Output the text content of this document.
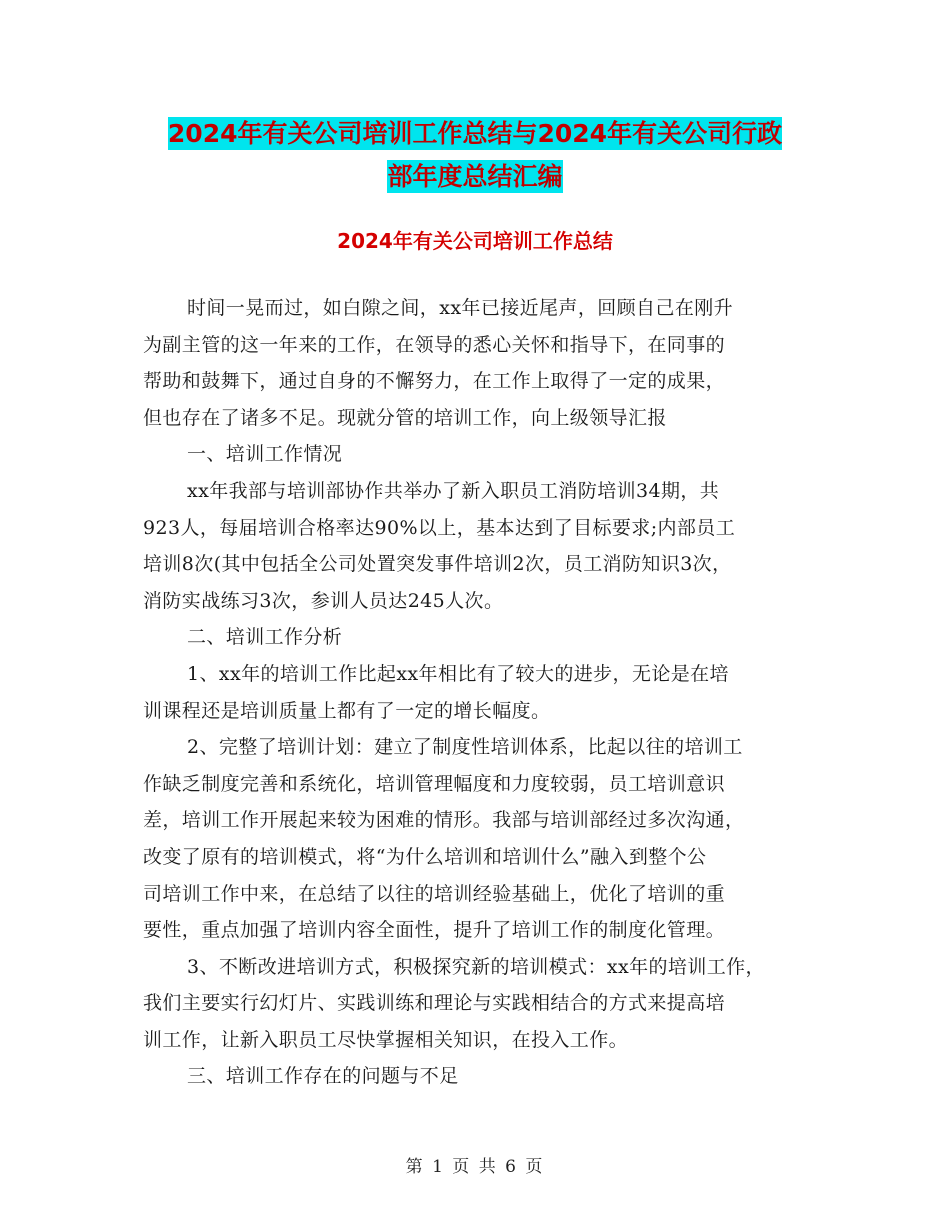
2024年有关公司培训工作总结与2024年有关公司行政
部年度总结汇编
2024年有关公司培训工作总结
时间一晃而过，如白隙之间，xx年已接近尾声，回顾自己在刚升
为副主管的这一年来的工作，在领导的悉心关怀和指导下，在同事的
帮助和鼓舞下，通过自身的不懈努力，在工作上取得了一定的成果，
但也存在了诸多不足。现就分管的培训工作，向上级领导汇报
一、培训工作情况
xx年我部与培训部协作共举办了新入职员工消防培训34期，共
923人，每届培训合格率达90%以上，基本达到了目标要求;内部员工
培训8次(其中包括全公司处置突发事件培训2次，员工消防知识3次，
消防实战练习3次，参训人员达245人次。
二、培训工作分析
1、xx年的培训工作比起xx年相比有了较大的进步，无论是在培
训课程还是培训质量上都有了一定的增长幅度。
2、完整了培训计划：建立了制度性培训体系，比起以往的培训工
作缺乏制度完善和系统化，培训管理幅度和力度较弱，员工培训意识
差，培训工作开展起来较为困难的情形。我部与培训部经过多次沟通，
改变了原有的培训模式，将“为什么培训和培训什么”融入到整个公
司培训工作中来，在总结了以往的培训经验基础上，优化了培训的重
要性，重点加强了培训内容全面性，提升了培训工作的制度化管理。
3、不断改进培训方式，积极探究新的培训模式：xx年的培训工作，
我们主要实行幻灯片、实践训练和理论与实践相结合的方式来提高培
训工作，让新入职员工尽快掌握相关知识，在投入工作。
三、培训工作存在的问题与不足
第 1 页 共 6 页
